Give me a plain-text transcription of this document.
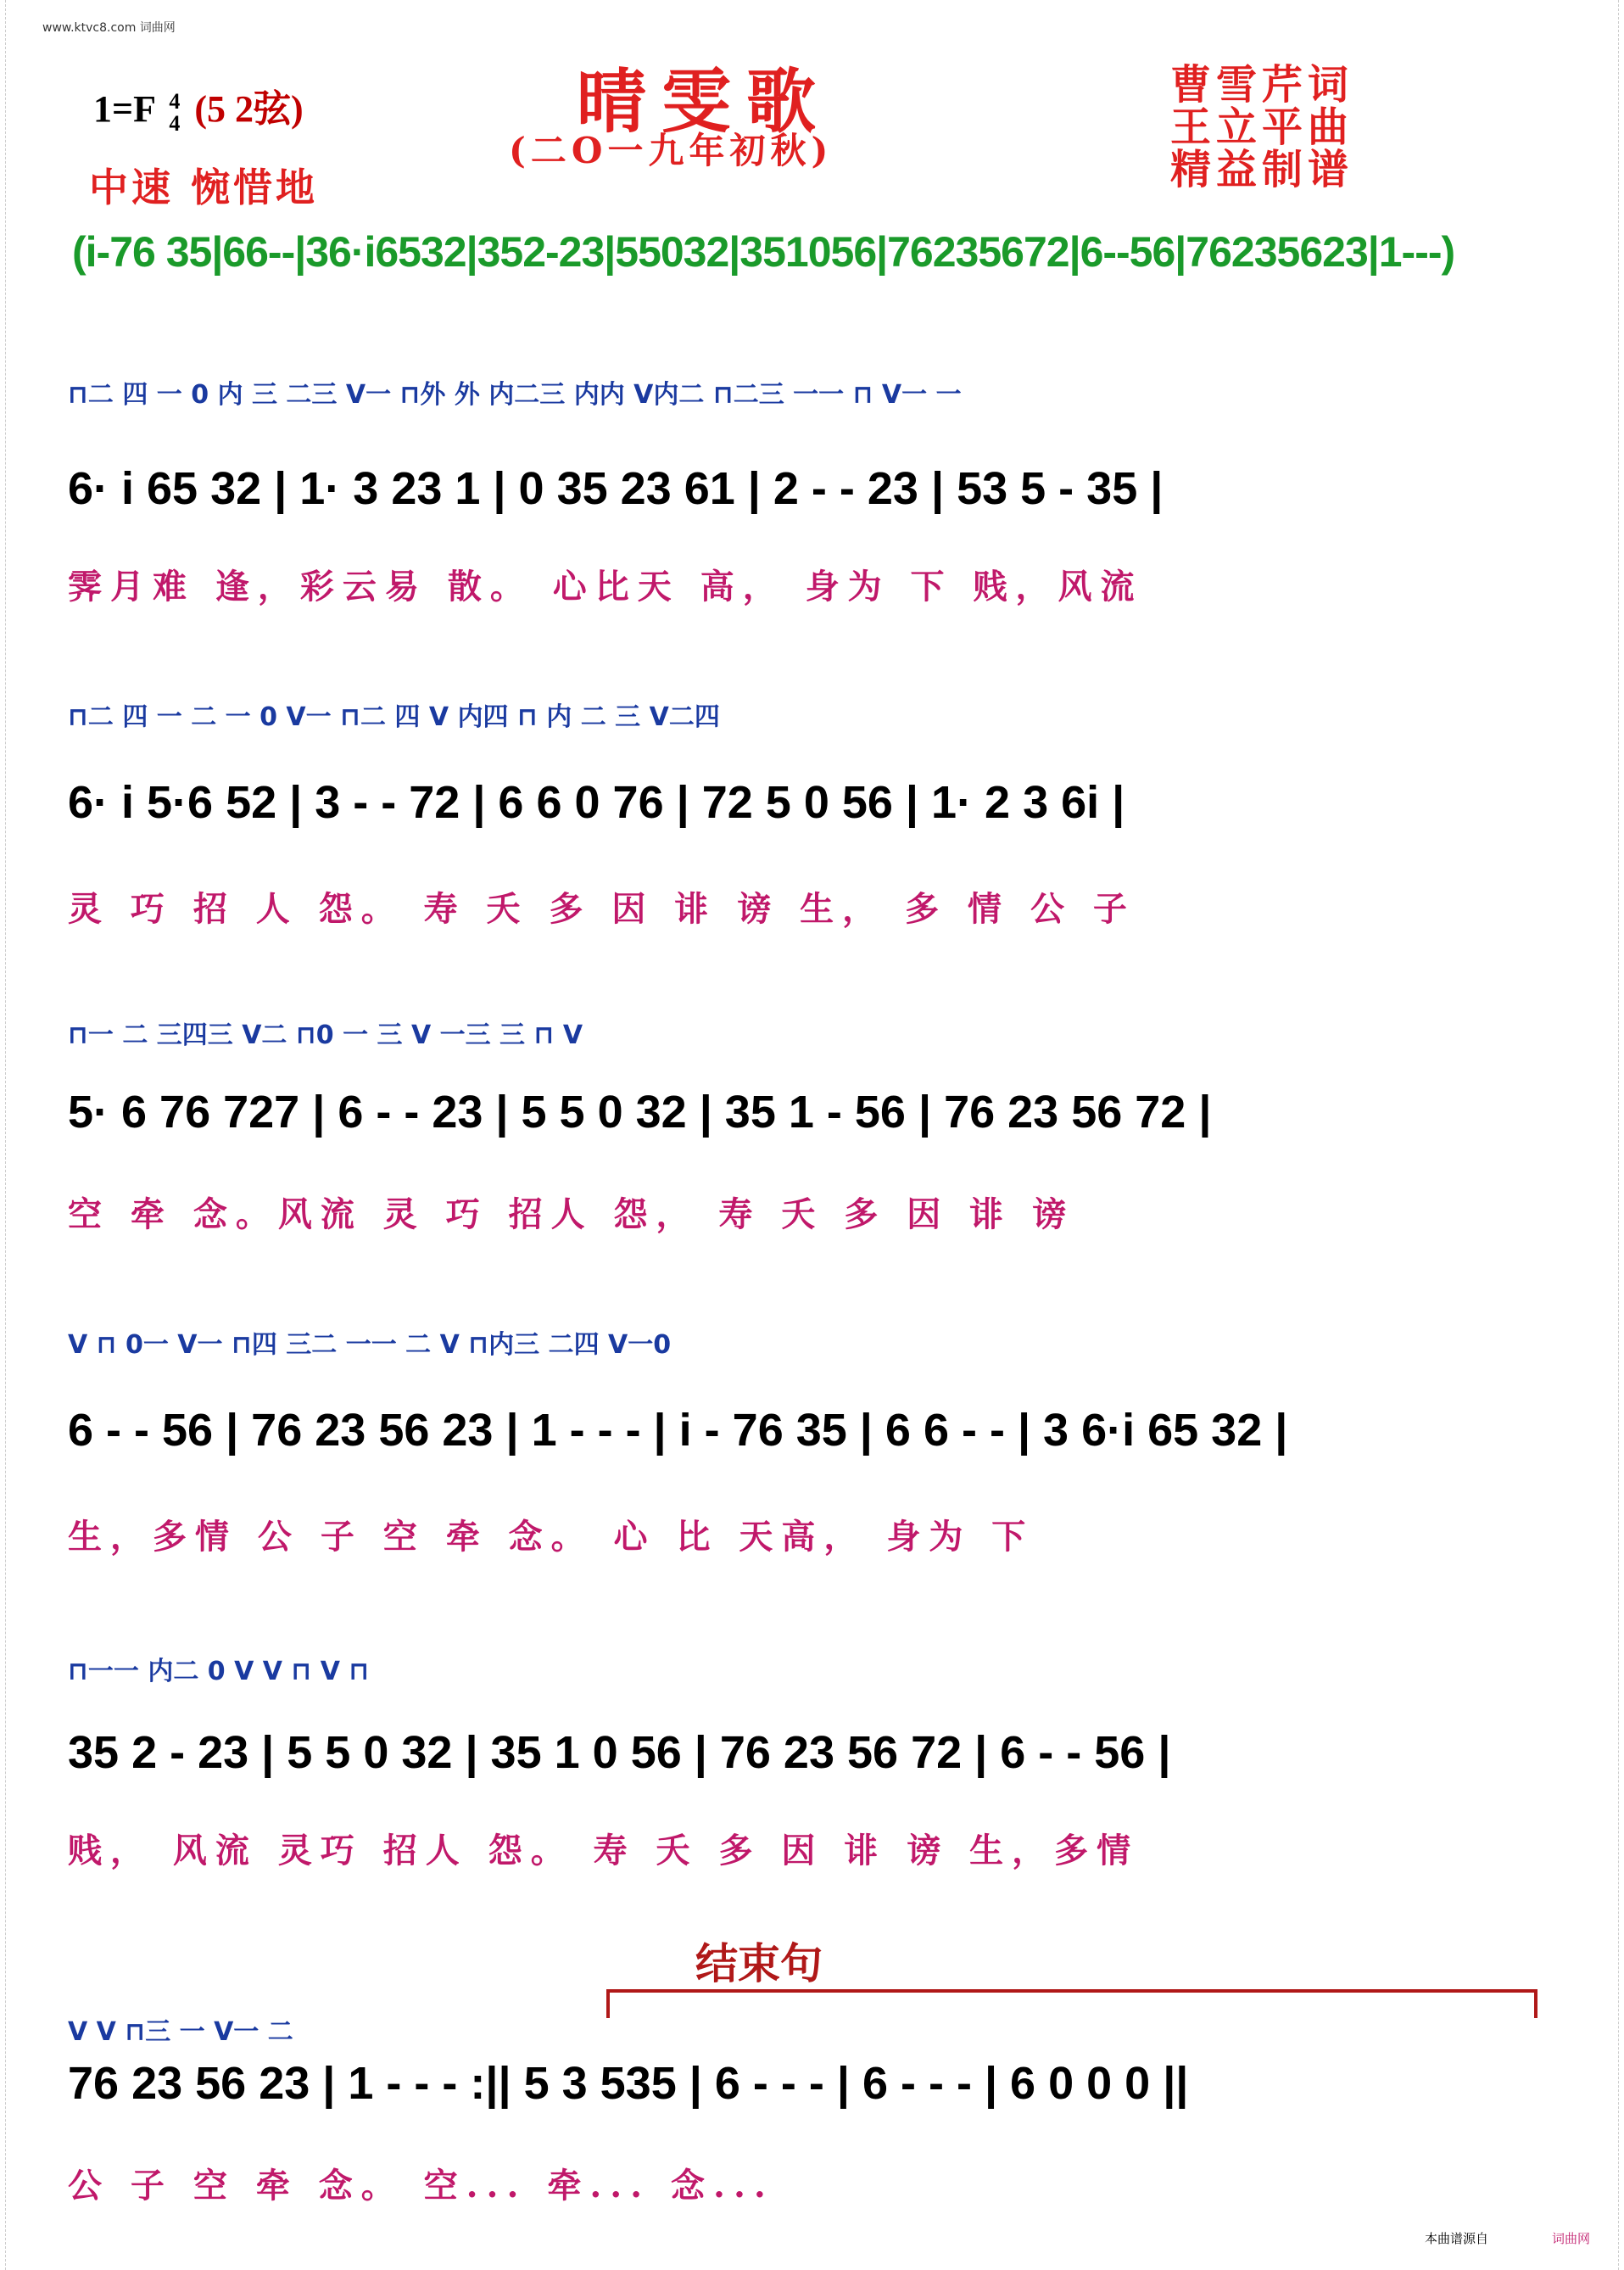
www.ktvc8.com 词曲网
1=F 4
4 (5 2弦)	晴雯歌
(二O一九年初秋)
曹雪芹词
王立平曲
精益制谱
中速 惋惜地
(i-76 35|66--|36·i6532|352-23|55032|351056|76235672|6--56|76235623|1---)
⊓二 四 一 0 内 三 二三 V一 ⊓外 外 内二三 内内 V内二 ⊓二三 一一 ⊓ V一 一
6· i 65 32 | 1· 3 23 1 | 0 35 23 61 | 2 - - 23 | 53 5 - 35 |
霁月难 逢，彩云易 散。 心比天 高， 身为 下 贱，风流
⊓二 四 一 二 一 0 V一 ⊓二 四 V 内四 ⊓ 内 二 三 V二四
6· i 5·6 52 | 3 - - 72 | 6 6 0 76 | 72 5 0 56 | 1· 2 3 6i |
灵 巧 招 人 怨。 寿 夭 多 因 诽 谤 生， 多 情 公 子
⊓一 二 三四三 V二 ⊓0 一 三 V 一三 三 ⊓ V
5· 6 76 727 | 6 - - 23 | 5 5 0 32 | 35 1 - 56 | 76 23 56 72 |
空 牵 念。风流 灵 巧 招人 怨， 寿 夭 多 因 诽 谤
V ⊓ 0一 V一 ⊓四 三二 一一 二 V ⊓内三 二四 V一0
6 - - 56 | 76 23 56 23 | 1 - - - | i - 76 35 | 6 6 - - | 3 6·i 65 32 |
生，多情 公 子 空 牵 念。 心 比 天高， 身为 下
⊓一一 内二 0 V V ⊓ V ⊓
35 2 - 23 | 5 5 0 32 | 35 1 0 56 | 76 23 56 72 | 6 - - 56 |
贱， 风流 灵巧 招人 怨。 寿 夭 多 因 诽 谤 生，多情
结束句
V V ⊓三 一 V一 二
76 23 56 23 | 1 - - - :|| 5 3 535 | 6 - - - | 6 - - - | 6 0 0 0 ||
公 子 空 牵 念。 空... 牵... 念...
本曲谱源自	词曲网
